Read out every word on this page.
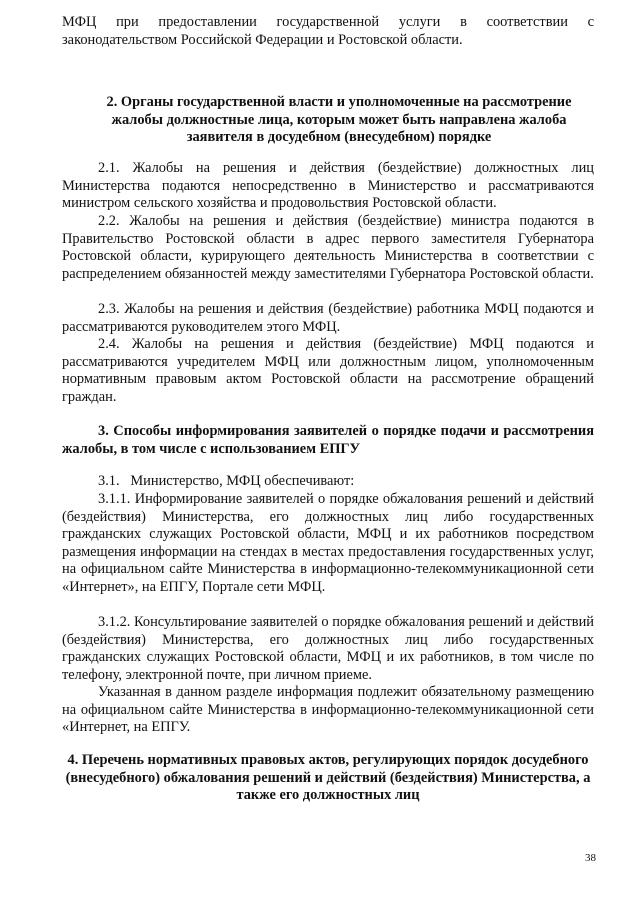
МФЦ при предоставлении государственной услуги в соответствии с законодательством Российской Федерации и Ростовской области.
2. Органы государственной власти и уполномоченные на рассмотрение жалобы должностные лица, которым может быть направлена жалоба заявителя в досудебном (внесудебном) порядке
2.1. Жалобы на решения и действия (бездействие) должностных лиц Министерства подаются непосредственно в Министерство и рассматриваются министром сельского хозяйства и продовольствия Ростовской области.
2.2. Жалобы на решения и действия (бездействие) министра подаются в Правительство Ростовской области в адрес первого заместителя Губернатора Ростовской области, курирующего деятельность Министерства в соответствии с распределением обязанностей между заместителями Губернатора Ростовской области.
2.3. Жалобы на решения и действия (бездействие) работника МФЦ подаются и рассматриваются руководителем этого МФЦ.
2.4. Жалобы на решения и действия (бездействие) МФЦ подаются и рассматриваются учредителем МФЦ или должностным лицом, уполномоченным нормативным правовым актом Ростовской области на рассмотрение обращений граждан.
3. Способы информирования заявителей о порядке подачи и рассмотрения жалобы, в том числе с использованием ЕПГУ
3.1.   Министерство, МФЦ обеспечивают:
3.1.1. Информирование заявителей о порядке обжалования решений и действий (бездействия) Министерства, его должностных лиц либо государственных гражданских служащих Ростовской области, МФЦ и их работников посредством размещения информации на стендах в местах предоставления государственных услуг, на официальном сайте Министерства в информационно-телекоммуникационной сети «Интернет», на ЕПГУ, Портале сети МФЦ.
3.1.2. Консультирование заявителей о порядке обжалования решений и действий (бездействия) Министерства, его должностных лиц либо государственных гражданских служащих Ростовской области, МФЦ и их работников, в том числе по телефону, электронной почте, при личном приеме.
Указанная в данном разделе информация подлежит обязательному размещению на официальном сайте Министерства в информационно-телекоммуникационной сети «Интернет, на ЕПГУ.
4. Перечень нормативных правовых актов, регулирующих порядок досудебного (внесудебного) обжалования решений и действий (бездействия) Министерства, а также его должностных лиц
38
